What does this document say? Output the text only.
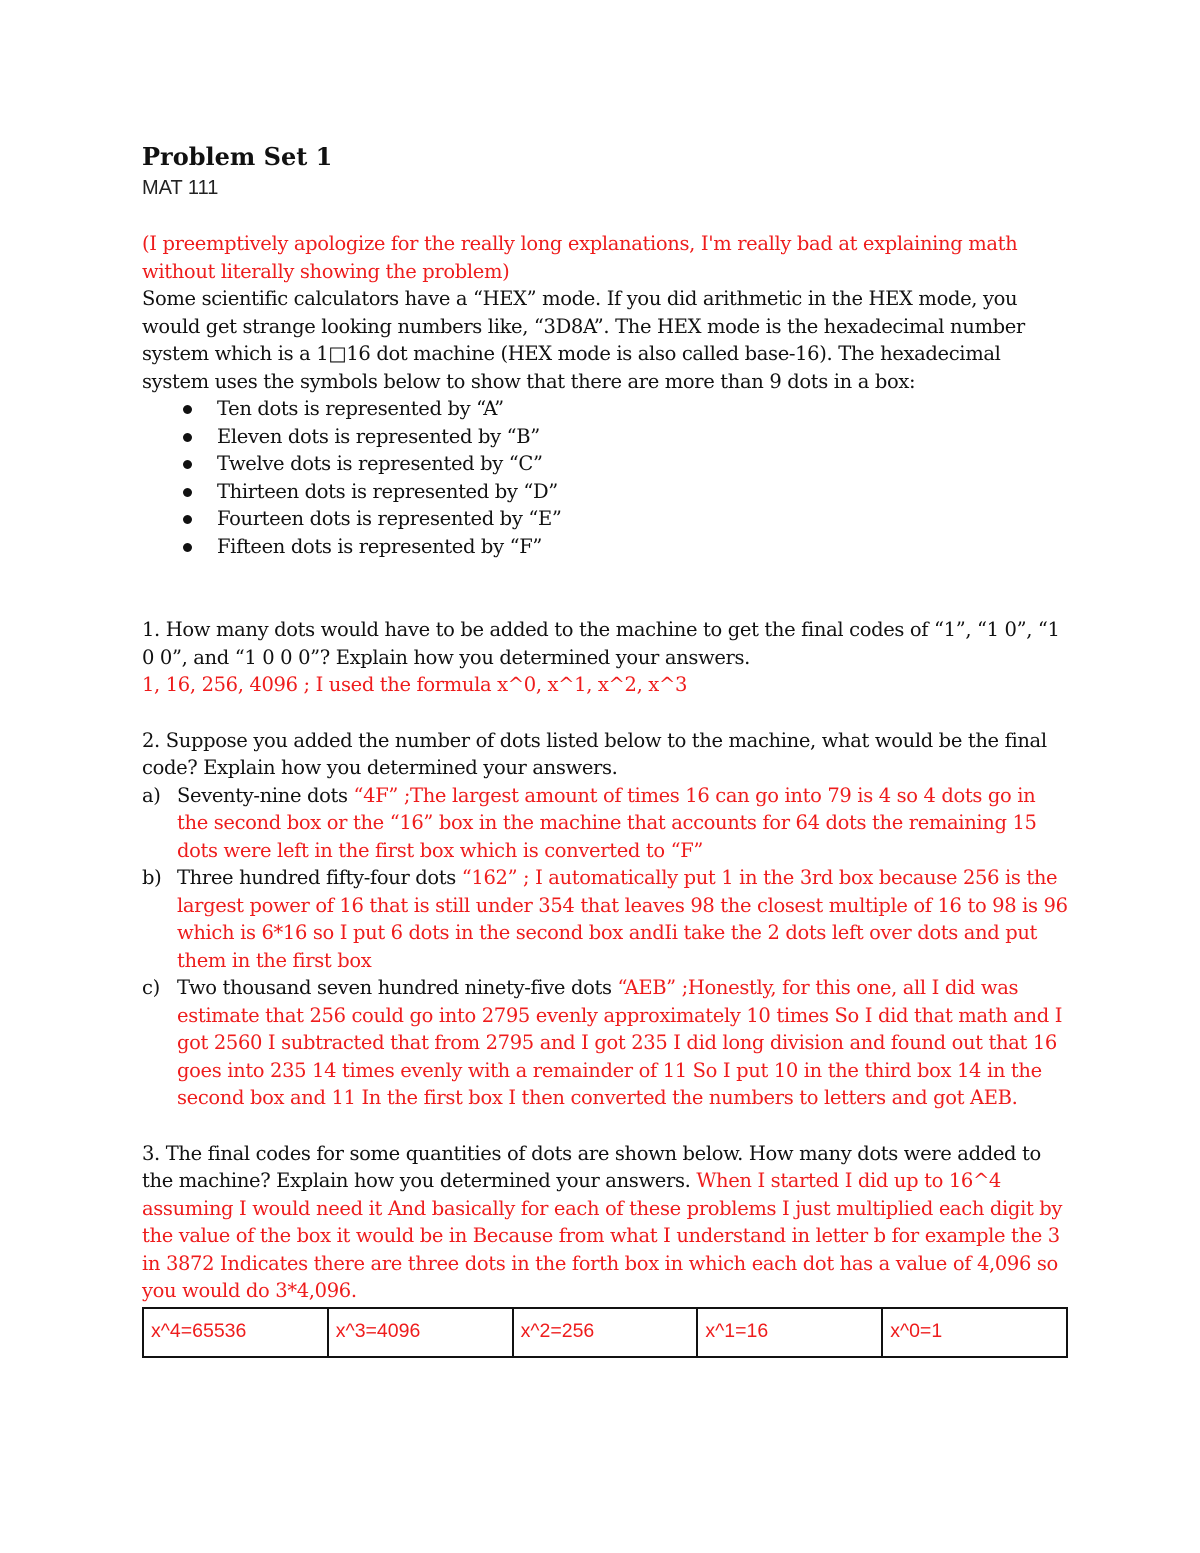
Problem Set 1
MAT 111

(I preemptively apologize for the really long explanations, I'm really bad at explaining math without literally showing the problem)

Some scientific calculators have a “HEX” mode. If you did arithmetic in the HEX mode, you would get strange looking numbers like, “3D8A”. The HEX mode is the hexadecimal number system which is a 1□16 dot machine (HEX mode is also called base-16). The hexadecimal system uses the symbols below to show that there are more than 9 dots in a box:

Ten dots is represented by “A”
Eleven dots is represented by “B”
Twelve dots is represented by “C”
Thirteen dots is represented by “D”
Fourteen dots is represented by “E”
Fifteen dots is represented by “F”

1. How many dots would have to be added to the machine to get the final codes of “1”, “1 0”, “1 0 0”, and “1 0 0 0”? Explain how you determined your answers.

1, 16, 256, 4096 ; I used the formula x^0, x^1, x^2, x^3

2. Suppose you added the number of dots listed below to the machine, what would be the final code? Explain how you determined your answers.

a) Seventy-nine dots “4F” ;The largest amount of times 16 can go into 79 is 4 so 4 dots go in the second box or the “16” box in the machine that accounts for 64 dots the remaining 15 dots were left in the first box which is converted to “F”
b) Three hundred fifty-four dots “162” ; I automatically put 1 in the 3rd box because 256 is the largest power of 16 that is still under 354 that leaves 98 the closest multiple of 16 to 98 is 96 which is 6*16 so I put 6 dots in the second box andIi take the 2 dots left over dots and put them in the first box
c) Two thousand seven hundred ninety-five dots “AEB” ;Honestly, for this one, all I did was estimate that 256 could go into 2795 evenly approximately 10 times So I did that math and I got 2560 I subtracted that from 2795 and I got 235 I did long division and found out that 16 goes into 235 14 times evenly with a remainder of 11 So I put 10 in the third box 14 in the second box and 11 In the first box I then converted the numbers to letters and got AEB.

3. The final codes for some quantities of dots are shown below. How many dots were added to the machine? Explain how you determined your answers. When I started I did up to 16^4 assuming I would need it And basically for each of these problems I just multiplied each digit by the value of the box it would be in Because from what I understand in letter b for example the 3 in 3872 Indicates there are three dots in the forth box in which each dot has a value of 4,096 so you would do 3*4,096.

x^4=65536	x^3=4096	x^2=256	x^1=16	x^0=1
